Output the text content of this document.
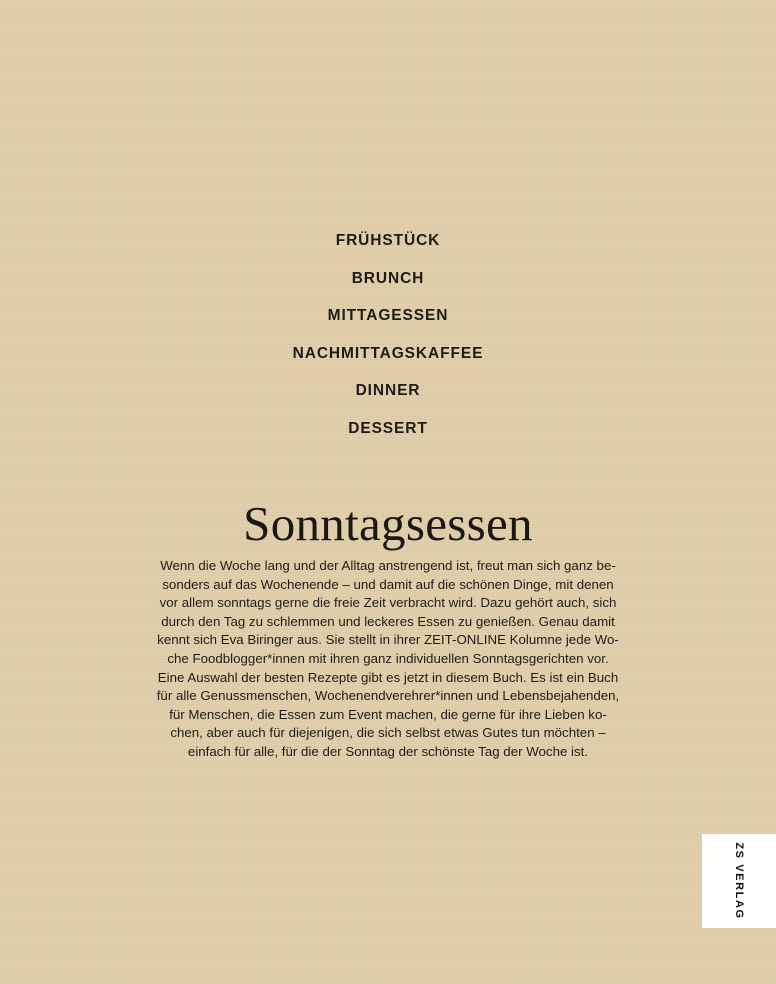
FRÜHSTÜCK
BRUNCH
MITTAGESSEN
NACHMITTAGSKAFFEE
DINNER
DESSERT
Sonntagsessen

Wenn die Woche lang und der Alltag anstrengend ist, freut man sich ganz be-
sonders auf das Wochenende – und damit auf die schönen Dinge, mit denen
vor allem sonntags gerne die freie Zeit verbracht wird. Dazu gehört auch, sich
durch den Tag zu schlemmen und leckeres Essen zu genießen. Genau damit
kennt sich Eva Biringer aus. Sie stellt in ihrer ZEIT-ONLINE Kolumne jede Wo-
che Foodblogger*innen mit ihren ganz individuellen Sonntagsgerichten vor.
Eine Auswahl der besten Rezepte gibt es jetzt in diesem Buch. Es ist ein Buch
für alle Genussmenschen, Wochenendverehrer*innen und Lebensbejahenden,
für Menschen, die Essen zum Event machen, die gerne für ihre Lieben ko-
chen, aber auch für diejenigen, die sich selbst etwas Gutes tun möchten –
einfach für alle, für die der Sonntag der schönste Tag der Woche ist.

ZS VERLAG
